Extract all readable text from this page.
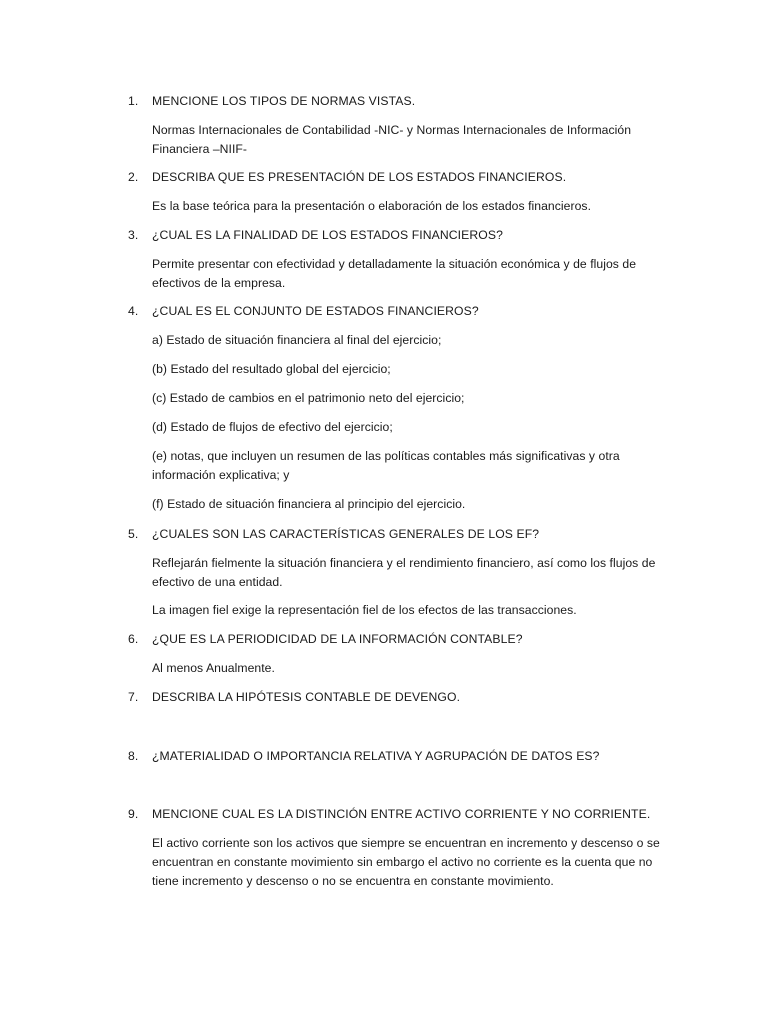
1. MENCIONE LOS TIPOS DE NORMAS VISTAS.
Normas Internacionales de Contabilidad -NIC- y Normas Internacionales de Información Financiera –NIIF-
2. DESCRIBA QUE ES PRESENTACIÓN DE LOS ESTADOS FINANCIEROS.
Es la base teórica para la presentación o elaboración de los estados financieros.
3. ¿CUAL ES LA FINALIDAD DE LOS ESTADOS FINANCIEROS?
Permite presentar con efectividad y detalladamente la situación económica y de flujos de efectivos de la empresa.
4. ¿CUAL ES EL CONJUNTO DE ESTADOS FINANCIEROS?
a) Estado de situación financiera al final del ejercicio;
(b) Estado del resultado global del ejercicio;
(c) Estado de cambios en el patrimonio neto del ejercicio;
(d) Estado de flujos de efectivo del ejercicio;
(e) notas, que incluyen un resumen de las políticas contables más significativas y otra información explicativa; y
(f) Estado de situación financiera al principio del ejercicio.
5. ¿CUALES SON LAS CARACTERÍSTICAS GENERALES DE LOS EF?
Reflejarán fielmente la situación financiera y el rendimiento financiero, así como los flujos de efectivo de una entidad.
La imagen fiel exige la representación fiel de los efectos de las transacciones.
6. ¿QUE ES LA PERIODICIDAD DE LA INFORMACIÓN CONTABLE?
Al menos Anualmente.
7. DESCRIBA LA HIPÓTESIS CONTABLE DE DEVENGO.
8. ¿MATERIALIDAD O IMPORTANCIA RELATIVA Y AGRUPACIÓN DE DATOS ES?
9. MENCIONE CUAL ES LA DISTINCIÓN ENTRE ACTIVO CORRIENTE Y NO CORRIENTE.
El activo corriente son los activos que siempre se encuentran en incremento y descenso o se encuentran en constante movimiento sin embargo el activo no corriente es la cuenta que no tiene incremento y descenso o no se encuentra en constante movimiento.
